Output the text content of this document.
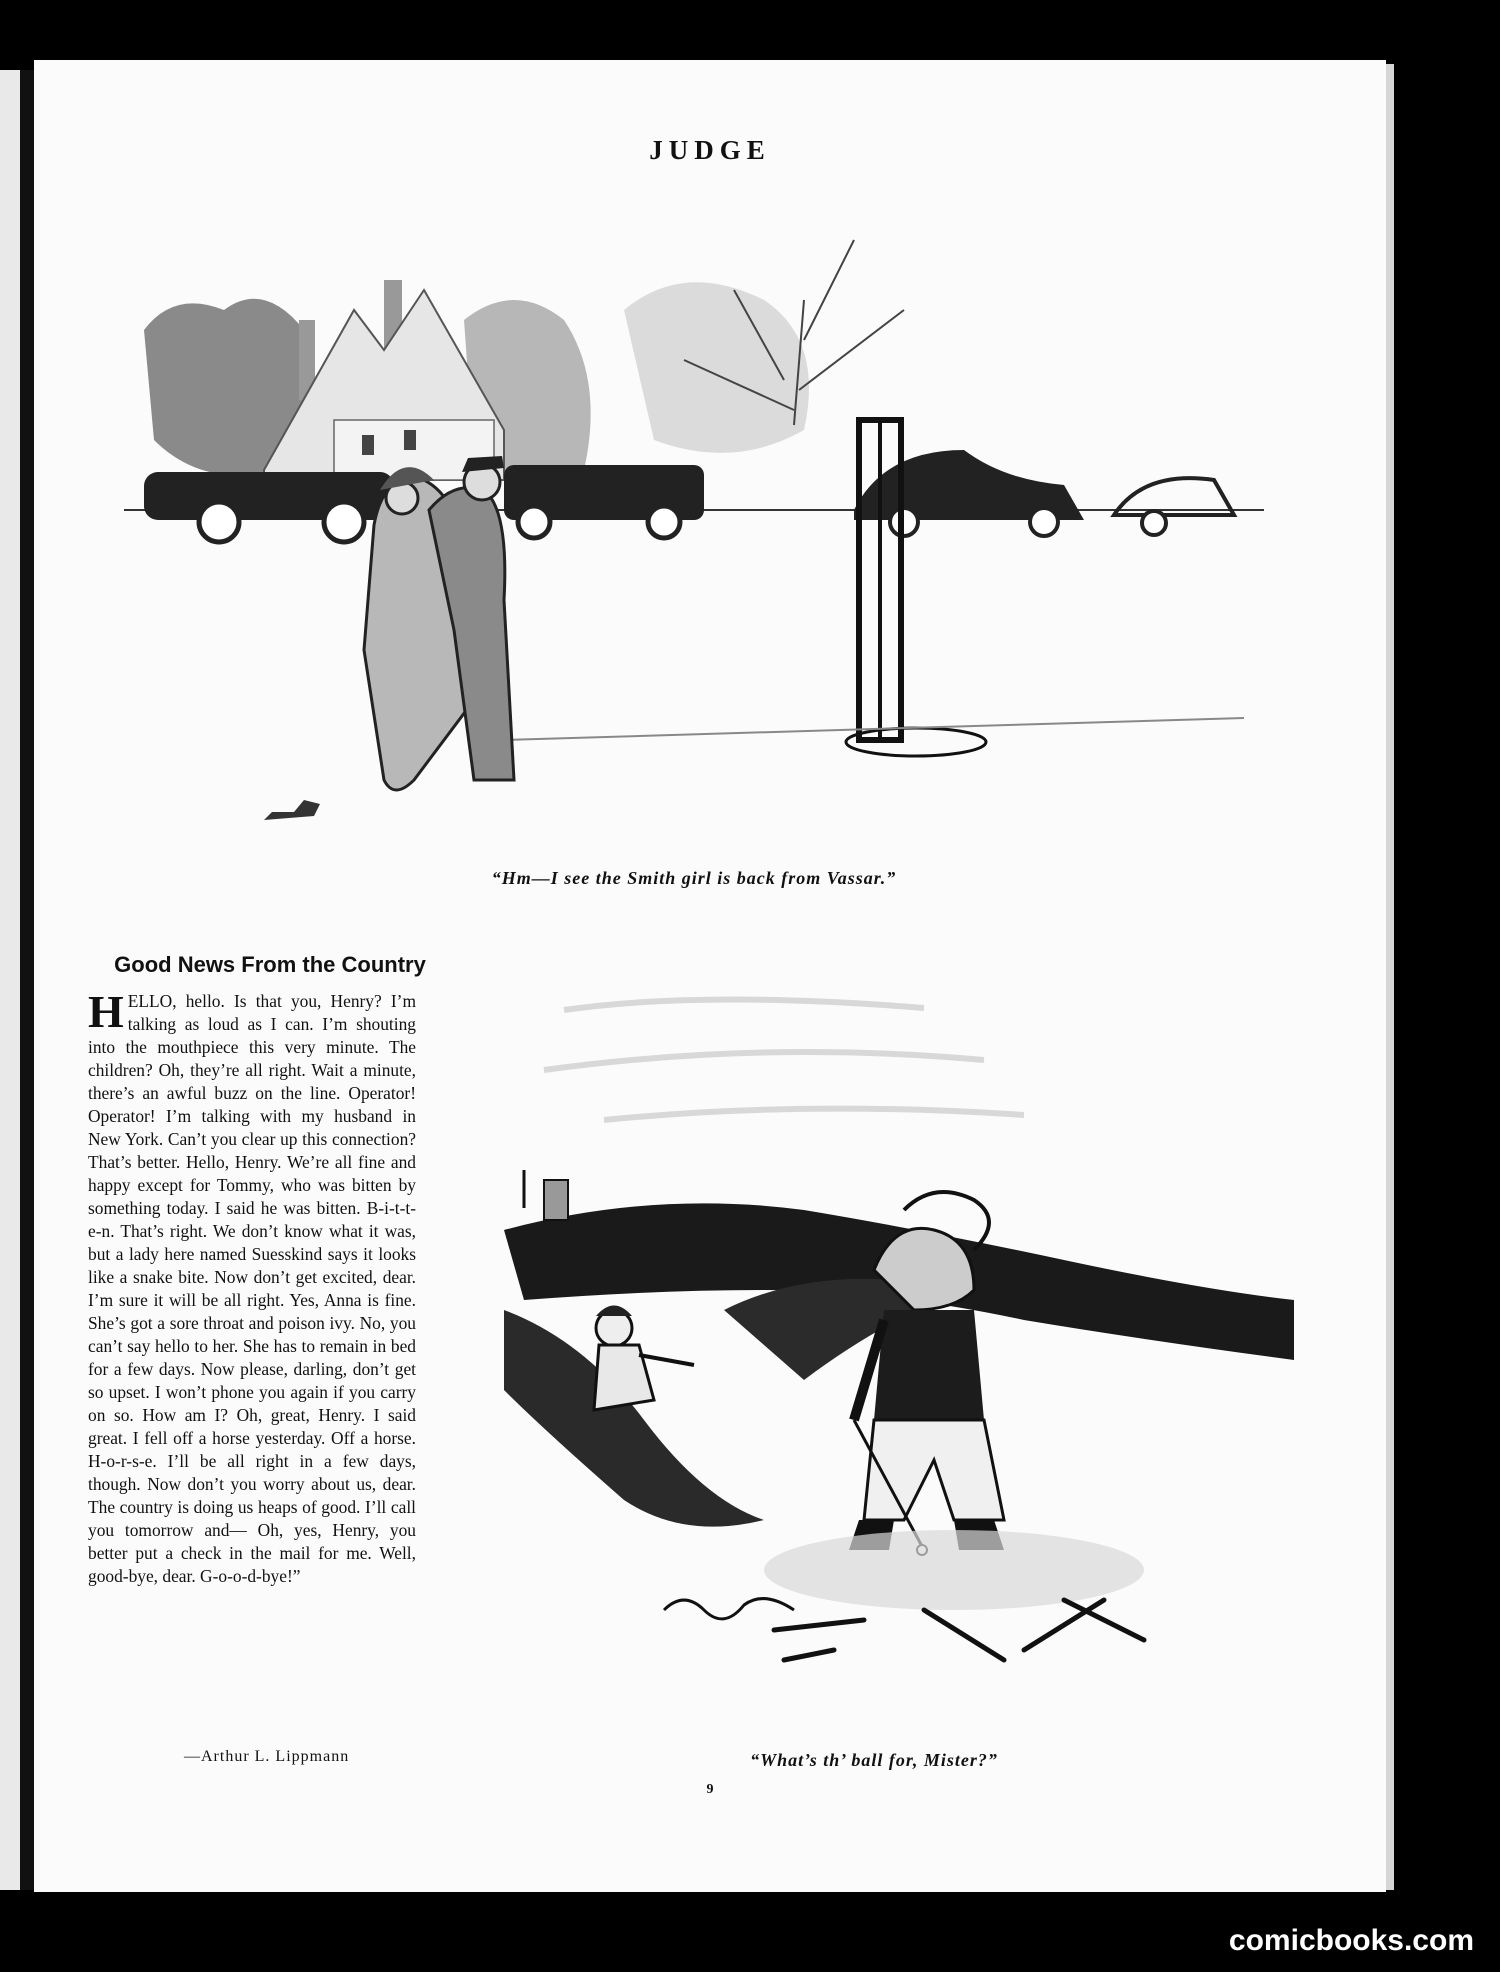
JUDGE
“Hm—I see the Smith girl is back from Vassar.”
Good News From the Country
HELLO, hello. Is that you, Henry? I’m talking as loud as I can. I’m shouting into the mouthpiece this very minute. The children? Oh, they’re all right. Wait a minute, there’s an awful buzz on the line. Operator! Operator! I’m talking with my husband in New York. Can’t you clear up this connection? That’s better. Hello, Henry. We’re all fine and happy except for Tommy, who was bitten by something today. I said he was bitten. B-i-t-t-e-n. That’s right. We don’t know what it was, but a lady here named Suesskind says it looks like a snake bite. Now don’t get excited, dear. I’m sure it will be all right. Yes, Anna is fine. She’s got a sore throat and poison ivy. No, you can’t say hello to her. She has to remain in bed for a few days. Now please, darling, don’t get so upset. I won’t phone you again if you carry on so. How am I? Oh, great, Henry. I said great. I fell off a horse yesterday. Off a horse. H-o-r-s-e. I’ll be all right in a few days, though. Now don’t you worry about us, dear. The country is doing us heaps of good. I’ll call you tomorrow and— Oh, yes, Henry, you better put a check in the mail for me. Well, good-bye, dear. G-o-o-d-bye!”
—Arthur L. Lippmann	“What’s th’ ball for, Mister?”
9
comicbooks.com
